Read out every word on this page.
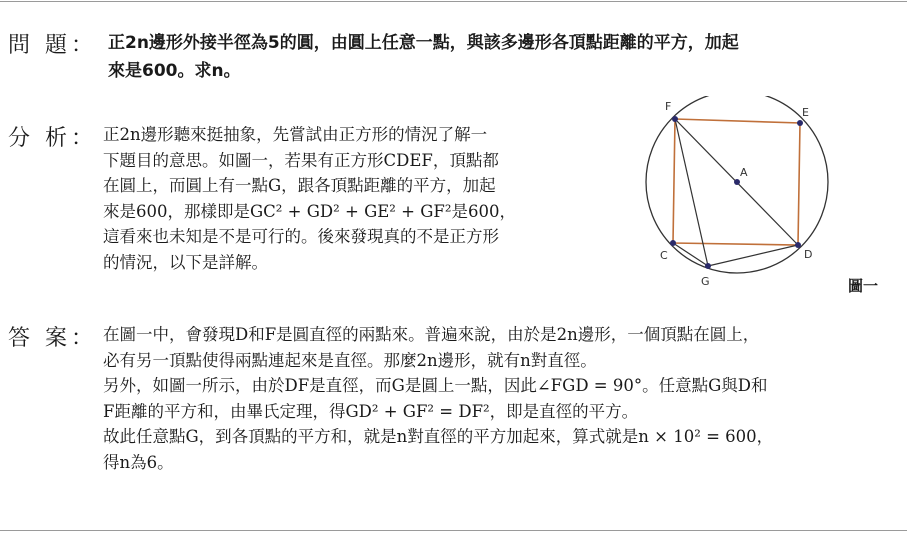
問 題： 正2n邊形外接半徑為5的圓，由圓上任意一點，與該多邊形各頂點距離的平方，加起
來是600。求n。
分 析： 正2n邊形聽來挺抽象，先嘗試由正方形的情況了解一
下題目的意思。如圖一，若果有正方形CDEF，頂點都
在圓上，而圓上有一點G，跟各頂點距離的平方，加起
來是600，那樣即是GC² + GD² + GE² + GF²是600，
這看來也未知是不是可行的。後來發現真的不是正方形
的情況，以下是詳解。
A
F	E
D
C
G	圖一
答 案： 在圖一中，會發現D和F是圓直徑的兩點來。普遍來說，由於是2n邊形，一個頂點在圓上，
必有另一頂點使得兩點連起來是直徑。那麼2n邊形，就有n對直徑。
另外，如圖一所示，由於DF是直徑，而G是圓上一點，因此∠FGD = 90°。任意點G與D和
F距離的平方和，由畢氏定理，得GD² + GF² = DF²，即是直徑的平方。
故此任意點G，到各頂點的平方和，就是n對直徑的平方加起來，算式就是n × 10² = 600，
得n為6。
